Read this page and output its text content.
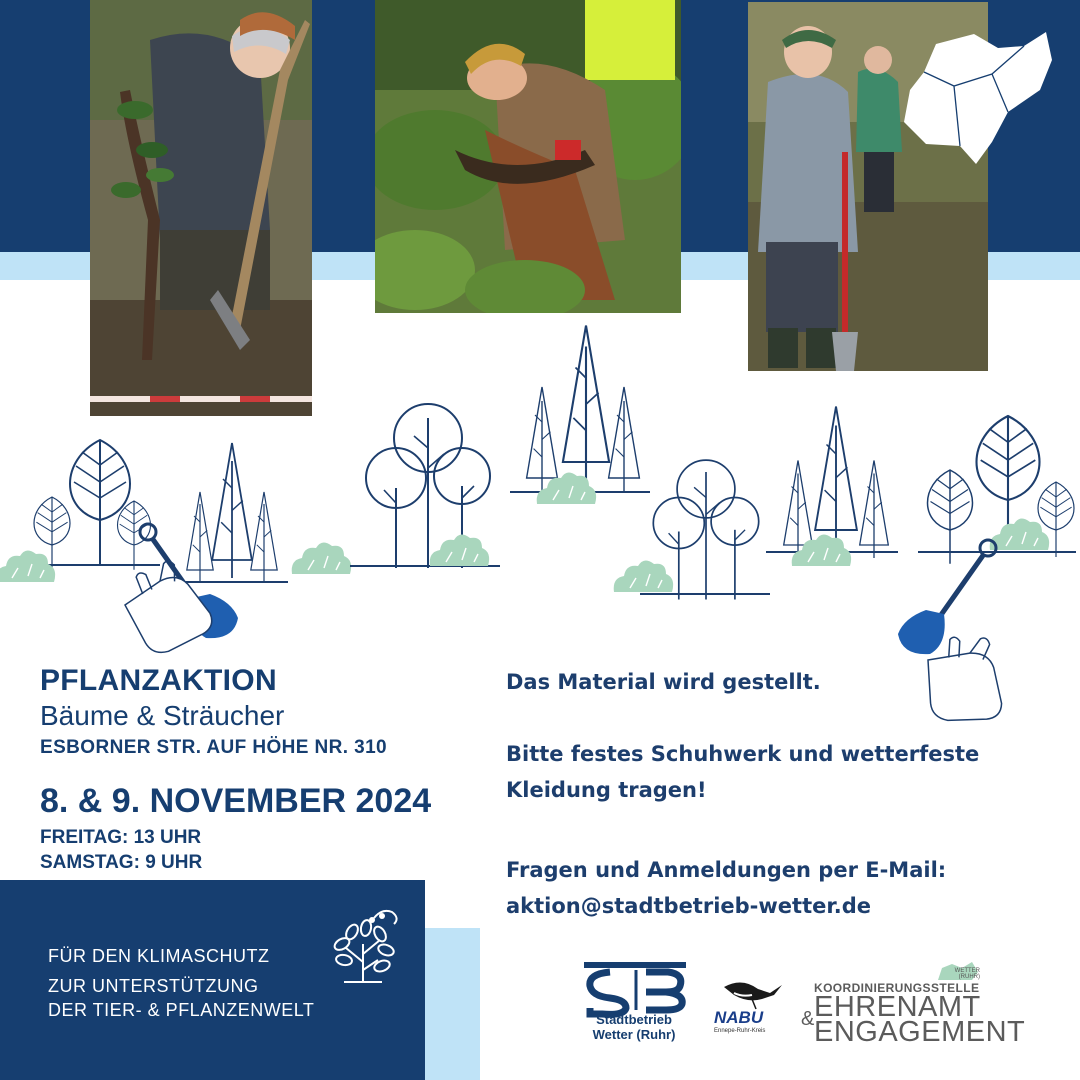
PFLANZAKTION
Bäume & Sträucher
ESBORNER STR. AUF HÖHE NR. 310
8. & 9. NOVEMBER 2024
FREITAG: 13 UHR
SAMSTAG: 9 UHR
Das Material wird gestellt.
Bitte festes Schuhwerk und wetterfeste
Kleidung tragen!
Fragen und Anmeldungen per E-Mail:
aktion@stadtbetrieb-wetter.de
FÜR DEN KLIMASCHUTZ
ZUR UNTERSTÜTZUNG
DER TIER- & PFLANZENWELT	Stadtbetrieb
Wetter (Ruhr)
NABU
Ennepe-Ruhr-Kreis
WETTER (RUHR)
KOORDINIERUNGSSTELLE
EHRENAMT
& ENGAGEMENT
